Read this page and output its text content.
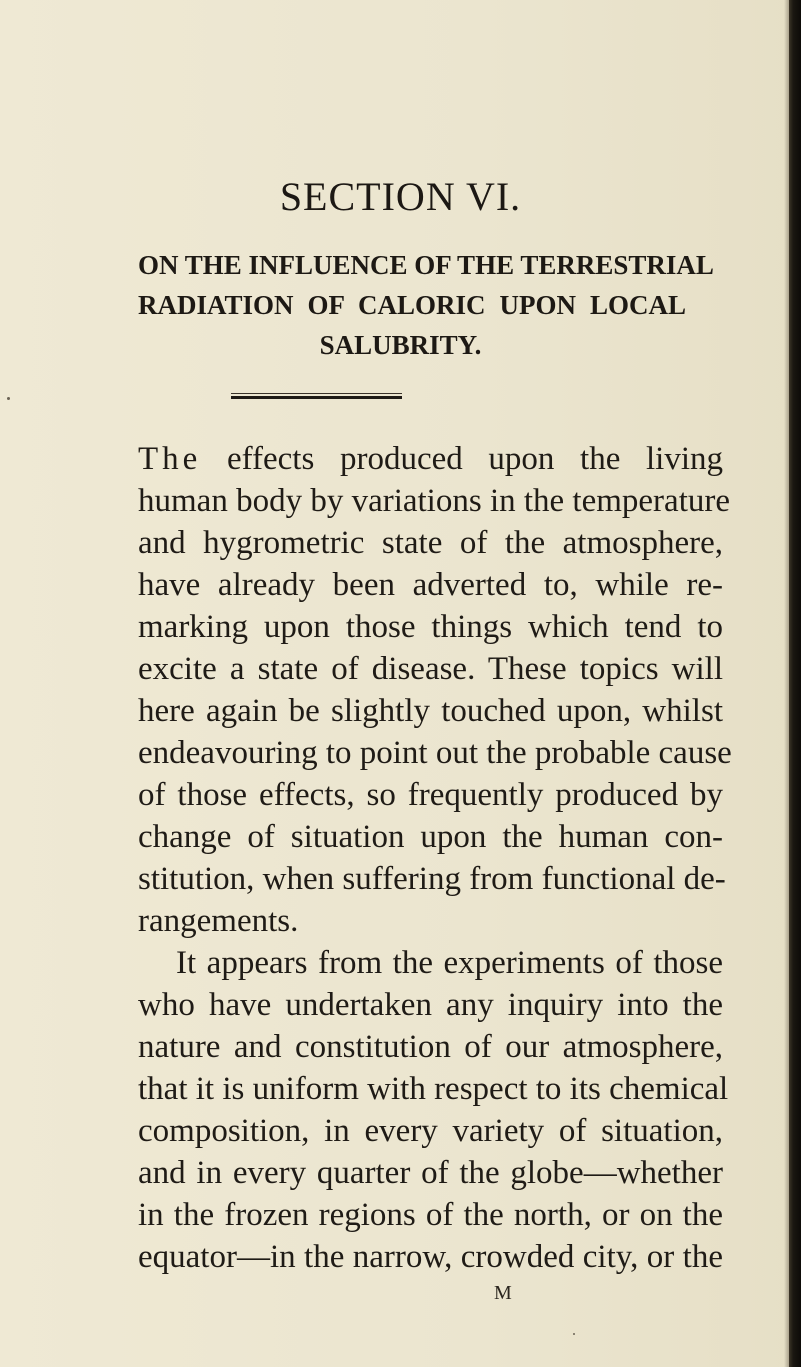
SECTION VI.
ON THE INFLUENCE OF THE TERRESTRIAL
RADIATION OF CALORIC UPON LOCAL
SALUBRITY.
The effects produced upon the living
human body by variations in the temperature
and hygrometric state of the atmosphere,
have already been adverted to, while re-
marking upon those things which tend to
excite a state of disease. These topics will
here again be slightly touched upon, whilst
endeavouring to point out the probable cause
of those effects, so frequently produced by
change of situation upon the human con-
stitution, when suffering from functional de-
rangements.
It appears from the experiments of those
who have undertaken any inquiry into the
nature and constitution of our atmosphere,
that it is uniform with respect to its chemical
composition, in every variety of situation,
and in every quarter of the globe—whether
in the frozen regions of the north, or on the
equator—in the narrow, crowded city, or the
M
